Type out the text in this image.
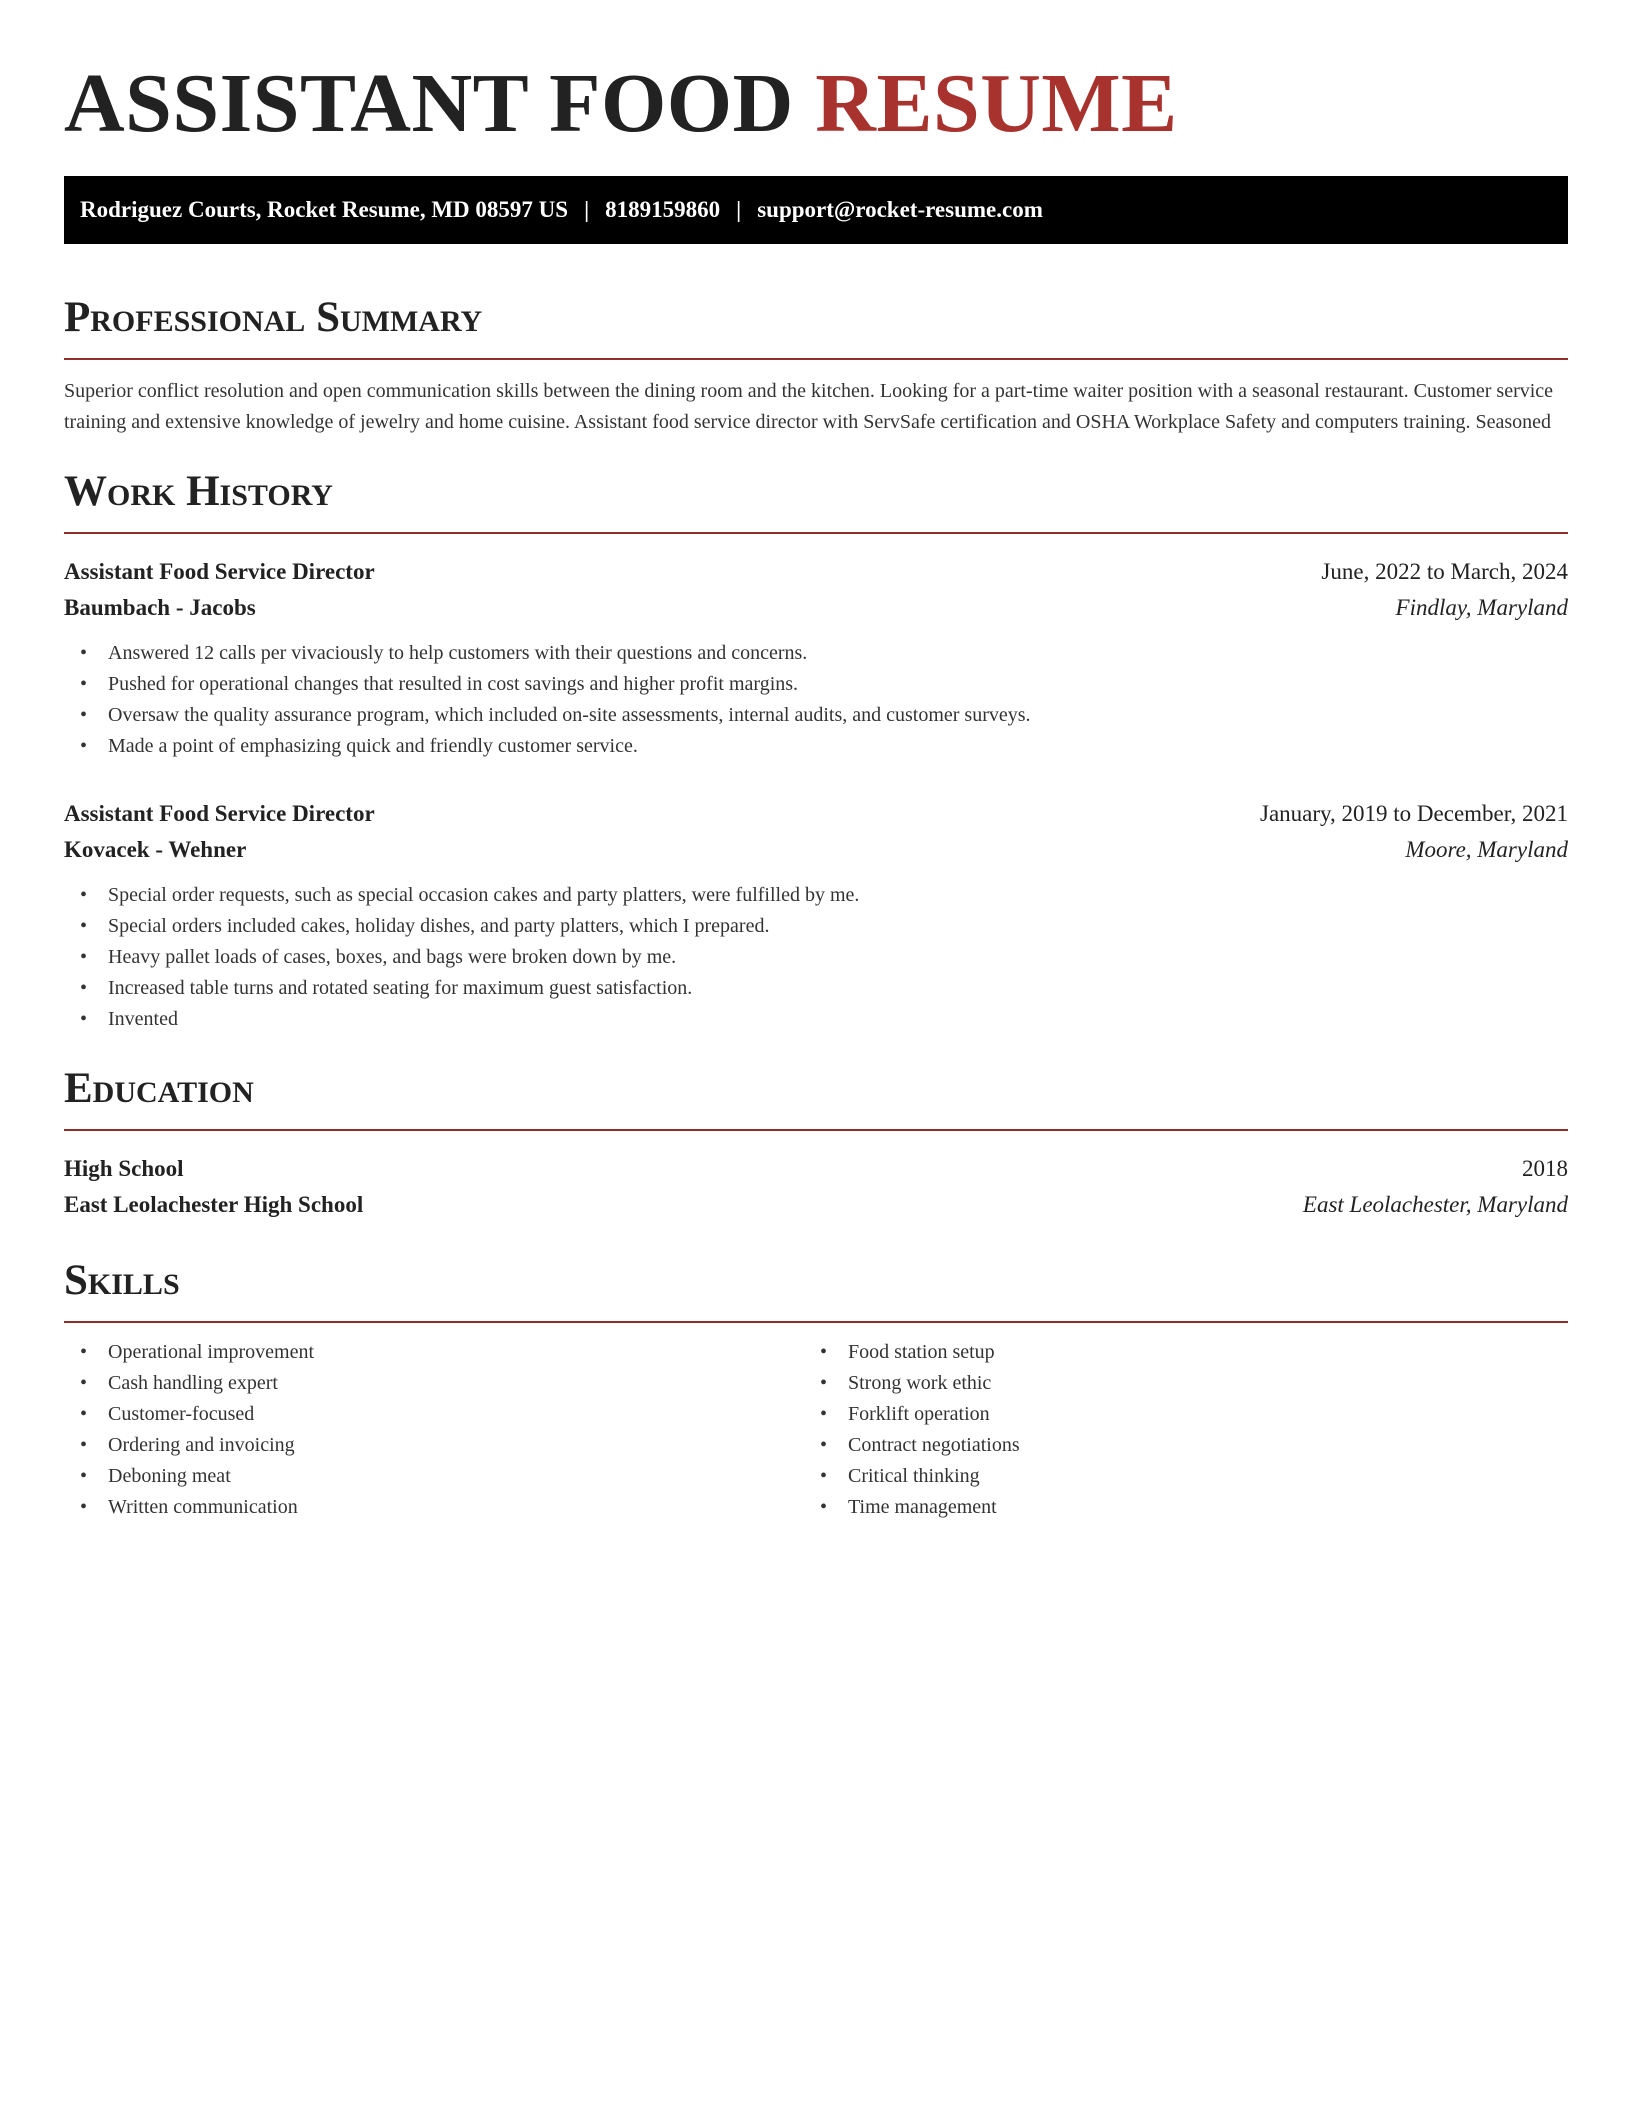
ASSISTANT FOOD RESUME
Rodriguez Courts, Rocket Resume, MD 08597 US | 8189159860 | support@rocket-resume.com
Professional Summary

Superior conflict resolution and open communication skills between the dining room and the kitchen. Looking for a part-time waiter position with a seasonal restaurant. Customer service training and extensive knowledge of jewelry and home cuisine. Assistant food service director with ServSafe certification and OSHA Workplace Safety and computers training. Seasoned

Work History
Assistant Food Service Director	June, 2022 to March, 2024
Baumbach - Jacobs	Findlay, Maryland
• Answered 12 calls per vivaciously to help customers with their questions and concerns.
• Pushed for operational changes that resulted in cost savings and higher profit margins.
• Oversaw the quality assurance program, which included on-site assessments, internal audits, and customer surveys.
• Made a point of emphasizing quick and friendly customer service.
Assistant Food Service Director	January, 2019 to December, 2021
Kovacek - Wehner	Moore, Maryland
• Special order requests, such as special occasion cakes and party platters, were fulfilled by me.
• Special orders included cakes, holiday dishes, and party platters, which I prepared.
• Heavy pallet loads of cases, boxes, and bags were broken down by me.
• Increased table turns and rotated seating for maximum guest satisfaction.
• Invented
Education
High School	2018
East Leolachester High School	East Leolachester, Maryland
Skills
• Operational improvement
• Cash handling expert
• Customer-focused
• Ordering and invoicing
• Deboning meat
• Written communication
• Food station setup
• Strong work ethic
• Forklift operation
• Contract negotiations
• Critical thinking
• Time management
